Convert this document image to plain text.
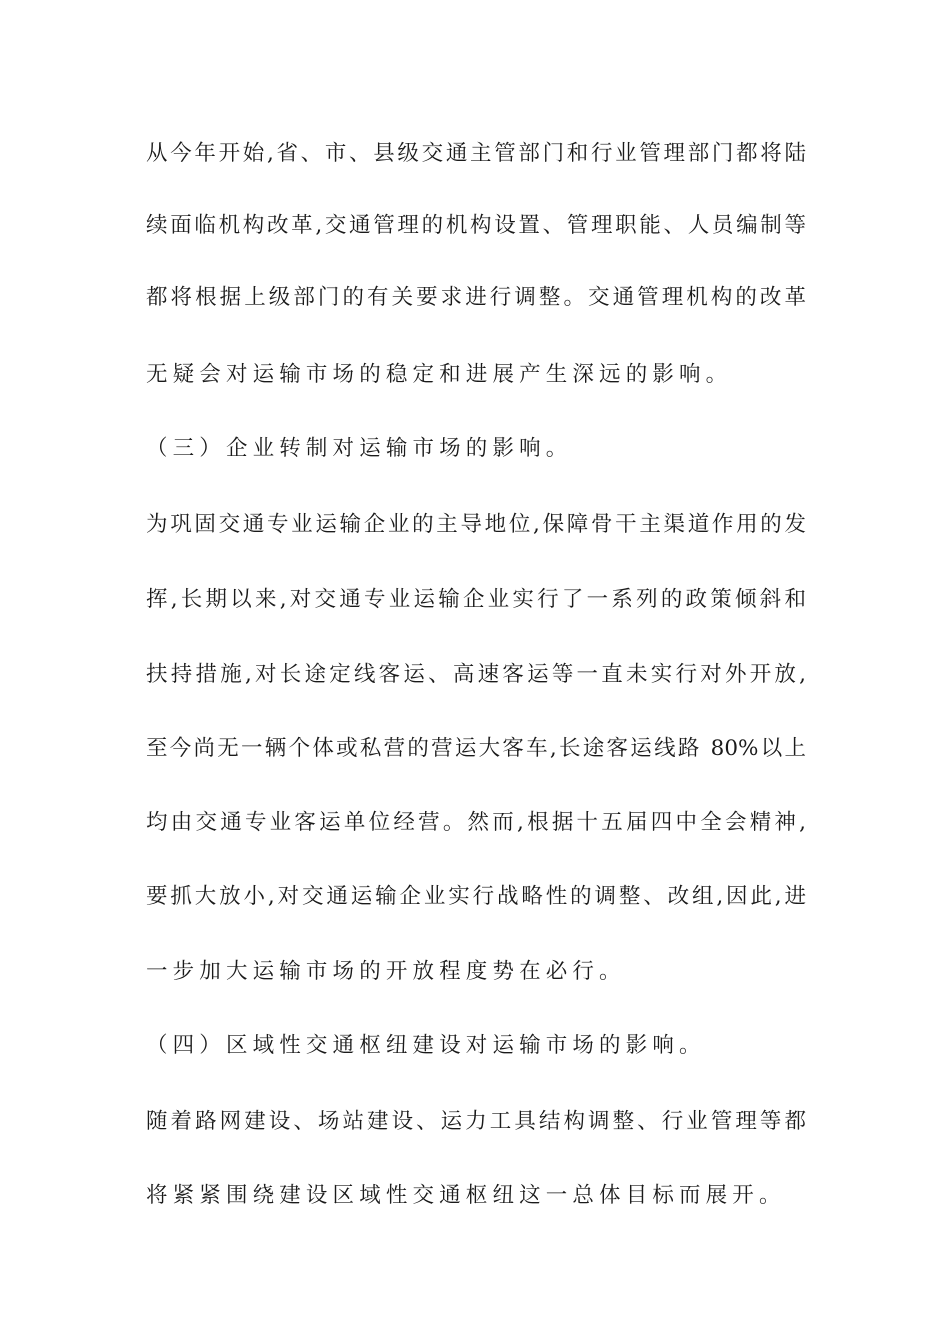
从今年开始,省、市、县级交通主管部门和行业管理部门都将陆

续面临机构改革,交通管理的机构设置、管理职能、人员编制等

都将根据上级部门的有关要求进行调整。交通管理机构的改革

无疑会对运输市场的稳定和进展产生深远的影响。

（三）企业转制对运输市场的影响。

为巩固交通专业运输企业的主导地位,保障骨干主渠道作用的发

挥,长期以来,对交通专业运输企业实行了一系列的政策倾斜和

扶持措施,对长途定线客运、高速客运等一直未实行对外开放,

至今尚无一辆个体或私营的营运大客车,长途客运线路 80%以上

均由交通专业客运单位经营。然而,根据十五届四中全会精神,

要抓大放小,对交通运输企业实行战略性的调整、改组,因此,进

一步加大运输市场的开放程度势在必行。

（四）区域性交通枢纽建设对运输市场的影响。

随着路网建设、场站建设、运力工具结构调整、行业管理等都

将紧紧围绕建设区域性交通枢纽这一总体目标而展开。
